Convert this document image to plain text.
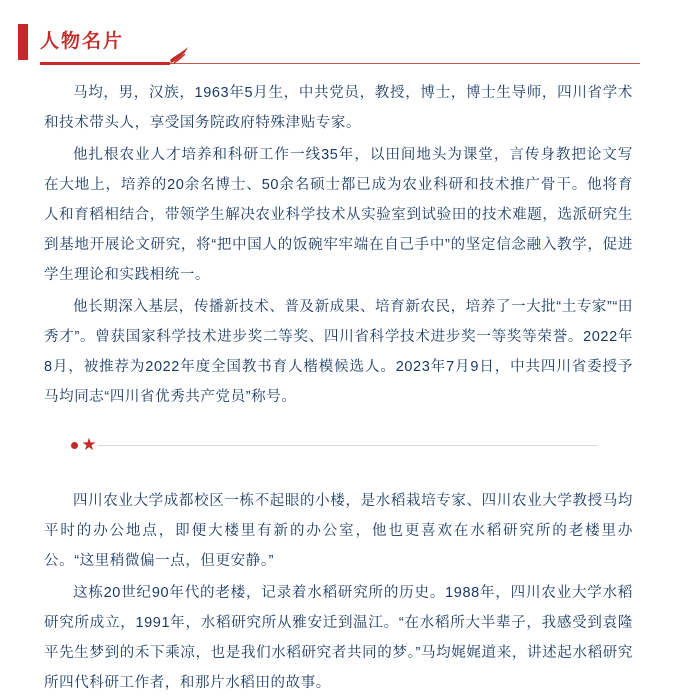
人物名片

马均，男，汉族，1963年5月生，中共党员，教授，博士，博士生导师，四川省学术和技术带头人，享受国务院政府特殊津贴专家。

他扎根农业人才培养和科研工作一线35年，以田间地头为课堂，言传身教把论文写在大地上，培养的20余名博士、50余名硕士都已成为农业科研和技术推广骨干。他将育人和育稻相结合，带领学生解决农业科学技术从实验室到试验田的技术难题，选派研究生到基地开展论文研究，将“把中国人的饭碗牢牢端在自己手中”的坚定信念融入教学，促进学生理论和实践相统一。

他长期深入基层，传播新技术、普及新成果、培育新农民，培养了一大批“土专家”“田秀才”。曾获国家科学技术进步奖二等奖、四川省科学技术进步奖一等奖等荣誉。2022年8月，被推荐为2022年度全国教书育人楷模候选人。2023年7月9日，中共四川省委授予马均同志“四川省优秀共产党员”称号。

★

四川农业大学成都校区一栋不起眼的小楼，是水稻栽培专家、四川农业大学教授马均平时的办公地点，即便大楼里有新的办公室，他也更喜欢在水稻研究所的老楼里办公。“这里稍微偏一点，但更安静。”

这栋20世纪90年代的老楼，记录着水稻研究所的历史。1988年，四川农业大学水稻研究所成立，1991年，水稻研究所从雅安迁到温江。“在水稻所大半辈子，我感受到袁隆平先生梦到的禾下乘凉，也是我们水稻研究者共同的梦。”马均娓娓道来，讲述起水稻研究所四代科研工作者，和那片水稻田的故事。
